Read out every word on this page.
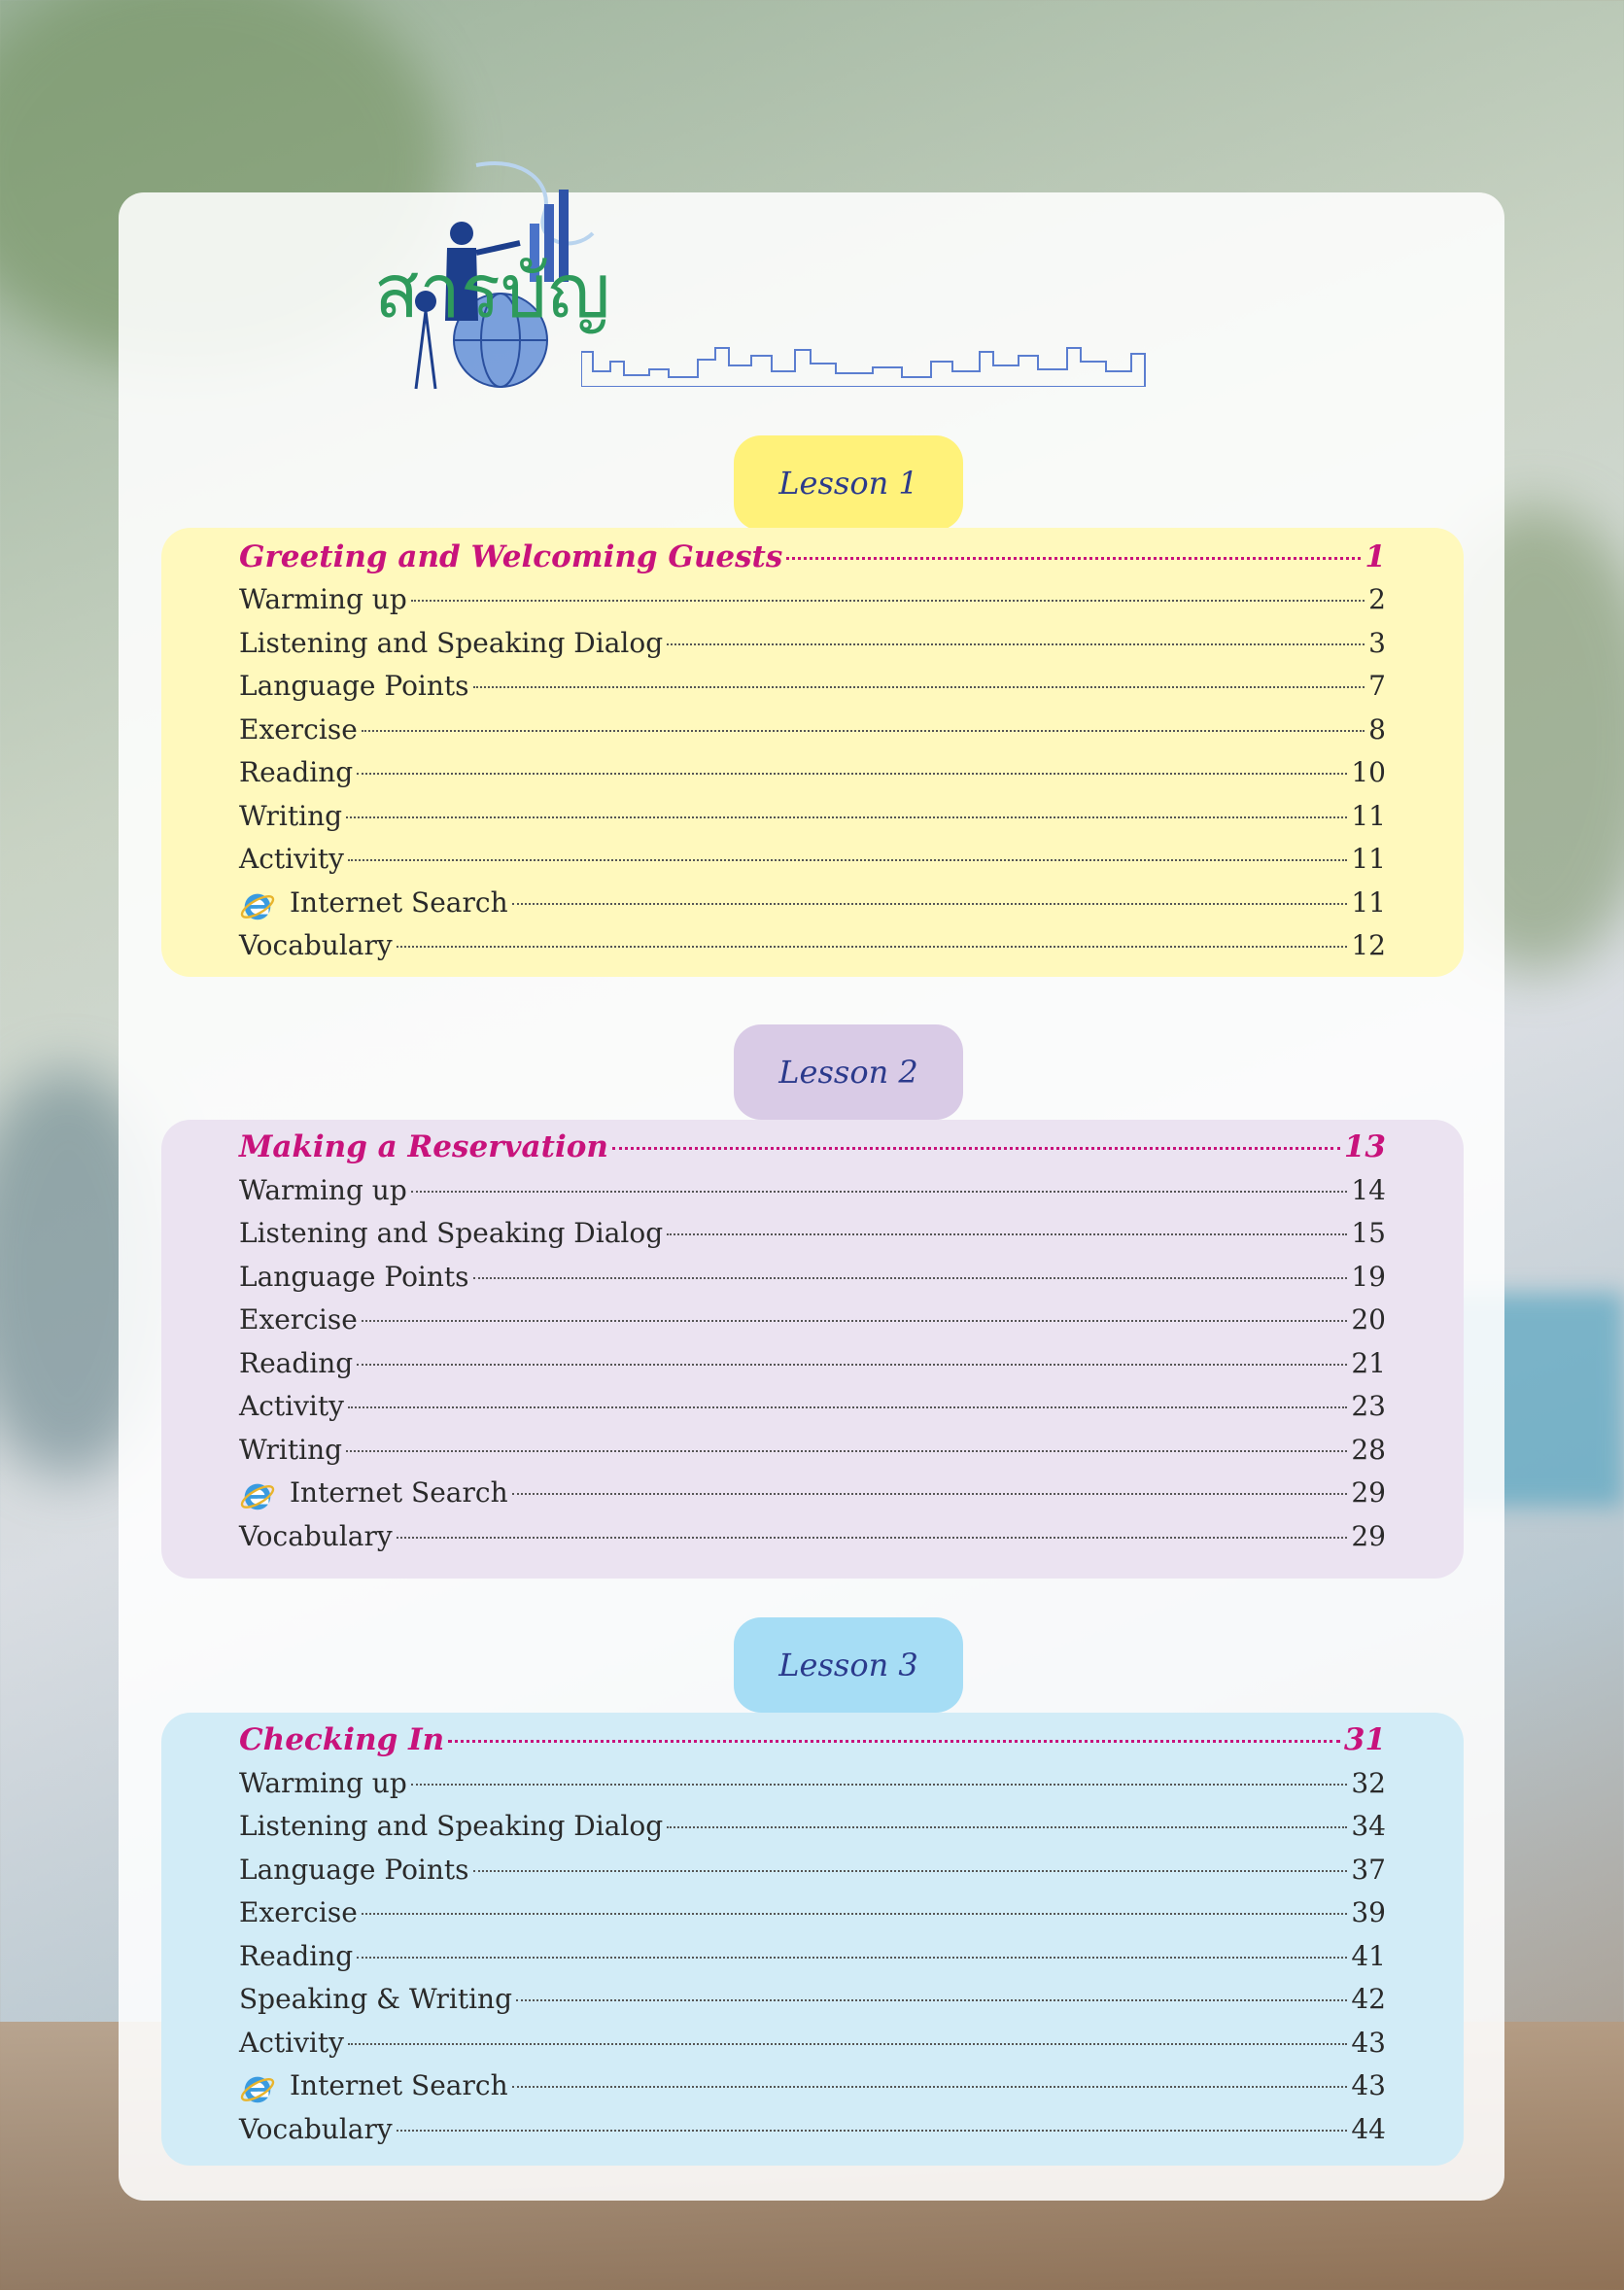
สารบัญ
Lesson 1
Greeting and Welcoming Guests	1
Warming up	2
Listening and Speaking Dialog	3
Language Points	7
Exercise	8
Reading	10
Writing	11
Activity	11
Internet Search	11
Vocabulary	12
Lesson 2
Making a Reservation	13
Warming up	14
Listening and Speaking Dialog	15
Language Points	19
Exercise	20
Reading	21
Activity	23
Writing	28
Internet Search	29
Vocabulary	29
Lesson 3
Checking In	31
Warming up	32
Listening and Speaking Dialog	34
Language Points	37
Exercise	39
Reading	41
Speaking & Writing	42
Activity	43
Internet Search	43
Vocabulary	44
